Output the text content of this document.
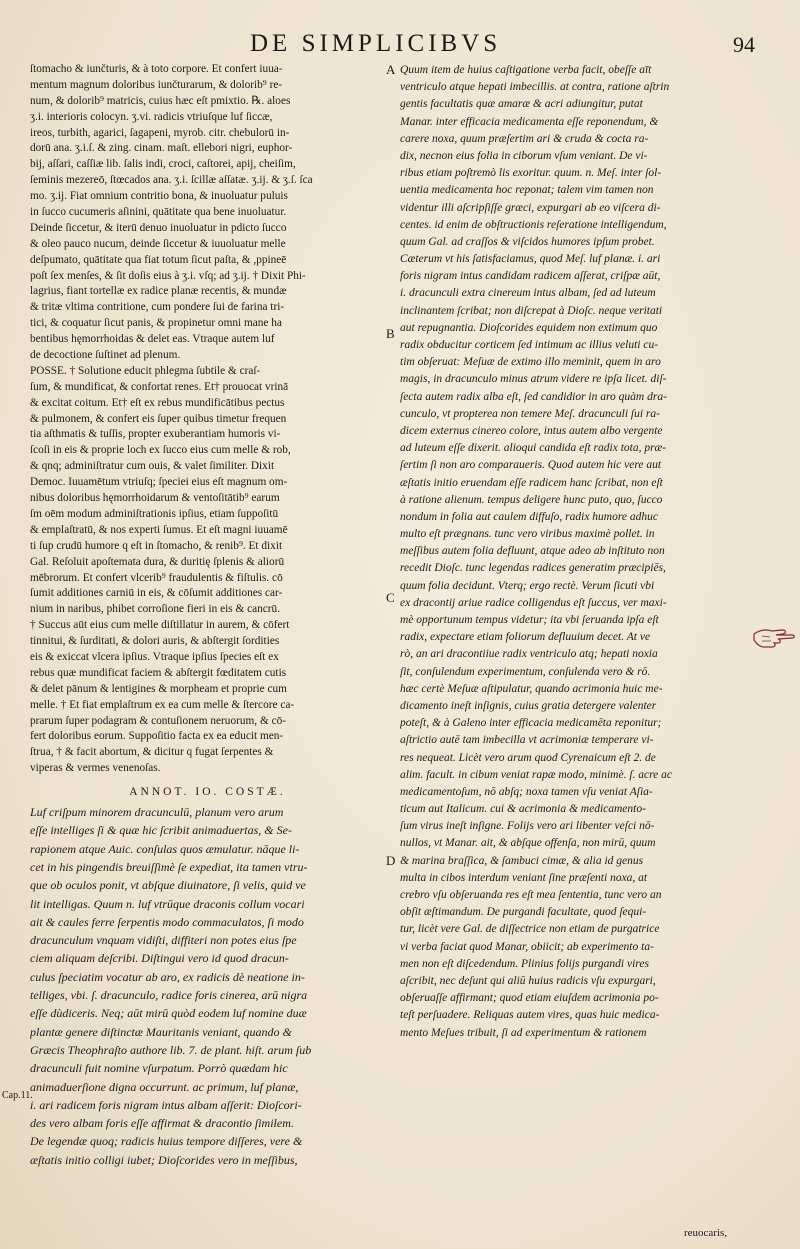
DE SIMPLICIBVS	94
ſtomacho & iunčturis, & à toto corpore. Et confert iuua-
mentum magnum doloribus iunčturarum, & dolorib⁹ re-
num, & dolorib⁹ matricis, cuius hæc eſt pmixtio. ℞. aloes
ʒ.i. interioris colocyn. ʒ.vi. radicis vtriuſque luf ſiccæ,
ireos, turbith, agarici, ſagapeni, myrob. citr. chebulorū in-
dorū ana. ʒ.i.ſ. & zing. cinam. maſt. ellebori nigri, euphor-
bij, aſſari, caſſiæ lib. ſalis indi, croci, caſtorei, apij, cheiſim,
ſeminis mezereō, ſtœcados ana. ʒ.i. ſcillæ aſſatæ. ʒ.ij. & ʒ.ſ. ſca
mo. ʒ.ij. Fiat omnium contritio bona, & inuoluatur puluis
in ſucco cucumeris aſinini, quātitate qua bene inuoluatur.
Deinde ſiccetur, & iterū denuo inuoluatur in pdicto ſucco
& oleo pauco nucum, deinde ſiccetur & iuuoluatur melle
deſpumato, quātitate qua fiat totum ſicut paſta, & ,ppineē
poſt ſex menſes, & ſit doſis eius à ʒ.i. vſq; ad ʒ.ij. † Dixit Phi-
lagrius, fiant tortellæ ex radice planæ recentis, & mundæ
& tritæ vltima contritione, cum pondere ſui de farina tri-
tici, & coquatur ſicut panis, & propinetur omni mane ha
bentibus hęmorrhoidas & delet eas. Vtraque autem luf
de decoctione ſuſtinet ad plenum.
POSSE. † Solutione educit phlegma ſubtile & craſ-
ſum, & mundificat, & confortat renes. Et† prouocat vrinā
& excitat coitum. Et† eſt ex rebus mundificātibus pectus
& pulmonem, & confert eis ſuper quibus timetur frequen
tia aſthmatis & tuſſis, propter exuberantiam humoris vi-
ſcoſi in eis & proprie loch ex ſucco eius cum melle & rob,
& qnq; adminiſtratur cum ouis, & valet ſimiliter. Dixit
Democ. Iuuamētum vtriuſq; ſpeciei eius eſt magnum om-
nibus doloribus hęmorrhoidarum & ventoſitātib⁹ earum
ſm oēm modum adminiſtrationis ipſius, etiam ſuppoſitū
& emplaſtratū, & nos experti ſumus. Et eſt magni iuuamē
ti ſup crudū humore q eſt in ſtomacho, & renib⁹. Et dixit
Gal. Reſoluit apoſtemata dura, & duritię ſplenis & aliorū
mēbrorum. Et confert vlcerib⁹ fraudulentis & fiſtulis. cō
ſumit additiones carniū in eis, & cōſumit additiones car-
nium in naribus, phibet corroſione fieri in eis & cancrū.
† Succus aūt eius cum melle diſtillatur in aurem, & cōfert
tinnitui, & ſurditati, & dolori auris, & abſtergit ſordities
eis & exiccat vlcera ipſius. Vtraque ipſius ſpecies eſt ex
rebus quæ mundificat faciem & abſtergit fœditatem cutis
& delet pānum & lentigines & morpheam et proprie cum
melle. † Et fiat emplaſtrum ex ea cum melle & ſtercore ca-
prarum ſuper podagram & contuſionem neruorum, & cō-
fert doloribus eorum. Suppoſitio facta ex ea educit men-
ſtrua, † & facit abortum, & dicitur q fugat ſerpentes &
viperas & vermes venenoſas.
ANNOT. IO. COSTÆ.
Luf criſpum minorem dracunculū, planum vero arum
eſſe intelliges ſi & quæ hic ſcribit animaduertas, & Se-
rapionem atque Auic. conſulas quos æmulatur. nāque li-
cet in his pingendis breuiſſimè ſe expediat, ita tamen vtru-
que ob oculos ponit, vt abſque diuinatore, ſi velis, quid ve
lit intelligas. Quum n. luf vtrūque draconis collum vocari
ait & caules ferre ſerpentis modo commaculatos, ſi modo
dracunculum vnquam vidiſti, diffiteri non potes eius ſpe
ciem aliquam deſcribi. Diſtingui vero id quod dracun-
culus ſpeciatim vocatur ab aro, ex radicis dè neatione in-
telliges, vbi. ſ. dracunculo, radice foris cinerea, arū nigra
eſſe dùdiceris. Neq; aūt mirū quòd eodem luf nomine duæ
plantæ genere diſtinctæ Mauritanis veniant, quando &
Græcis Theophraſto authore lib. 7. de plant. hiſt. arum ſub
dracunculi fuit nomine vſurpatum. Porrò quædam hic
animaduerſione digna occurrunt. ac primum, luf planæ,
i. ari radicem foris nigram intus albam aſſerit: Dioſcori-
des vero albam foris eſſe affirmat & dracontio ſimilem.
De legendæ quoq; radicis huius tempore diſſeres, vere &
æſtatis initio colligi iubet; Dioſcorides vero in meſſibus,
A
B
C
D
Cap.11.
Quum item de huius caſtigatione verba facit, obeſſe aīt
ventriculo atque hepati imbecillis. at contra, ratione aſtrin
gentis facultatis quæ amaræ & acri adiungitur, putat
Manar. inter efficacia medicamenta eſſe reponendum, &
carere noxa, quum præſertim ari & cruda & cocta ra-
dix, necnon eius folia in ciborum vſum veniant. De vi-
ribus etiam poſtremò lis exoritur. quum. n. Meſ. inter ſol-
uentia medicamenta hoc reponat; talem vim tamen non
videntur illi aſcripſiſſe græci, expurgari ab eo viſcera di-
centes. id enim de obſtructionis reſeratione intelligendum,
quum Gal. ad craſſos & viſcidos humores ipſum probet.
Cæterum vt his ſatisfaciamus, quod Meſ. luf planæ. i. ari
foris nigram intus candidam radicem aſſerat, criſpæ aūt,
i. dracunculi extra cinereum intus albam, ſed ad luteum
inclinantem ſcribat; non diſcrepat à Dioſc. neque veritati
aut repugnantia. Dioſcorides equidem non extimum quo
radix obducitur corticem ſed intimum ac illius veluti cu-
tim obſeruat: Meſuæ de extimo illo meminit, quem in aro
magis, in dracunculo minus atrum videre re ipſa licet. diſ-
ſecta autem radix alba eſt, ſed candidior in aro quàm dra-
cunculo, vt propterea non temere Meſ. dracunculi ſui ra-
dicem externus cinereo colore, intus autem albo vergente
ad luteum eſſe dixerit. alioqui candida eſt radix tota, præ-
ſertim ſi non aro comparaueris. Quod autem hic vere aut
æſtatis initio eruendam eſſe radicem hanc ſcribat, non eſt
à ratione alienum. tempus deligere hunc puto, quo, ſucco
nondum in folia aut caulem diffuſo, radix humore adhuc
multo eſt prægnans. tunc vero viribus maximè pollet. in
meſſibus autem folia defluunt, atque adeo ab inſtituto non
recedit Dioſc. tunc legendas radices generatim præcipiēs,
quum folia decidunt. Vterq; ergo rectè. Verum ſicuti vbi
ex dracontij ariue radice colligendus eſt ſuccus, ver maxi-
mè opportunum tempus videtur; ita vbi ſeruanda ipſa eſt
radix, expectare etiam foliorum defluuium decet. At ve
rò, an ari dracontiiue radix ventriculo atq; hepati noxia
ſit, conſulendum experimentum, conſulenda vero & rō.
hæc certè Meſuæ aſtipulatur, quando acrimonia huic me-
dicamento ineſt inſignis, cuius gratia detergere valenter
poteſt, & à Galeno inter efficacia medicamēta reponitur;
aſtrictio autē tam imbecilla vt acrimoniæ temperare vi-
res nequeat. Licèt vero arum quod Cyrenaicum eſt 2. de
alim. facult. in cibum veniat rapæ modo, minimè. ſ. acre ac
medicamentoſum, nō abſq; noxa tamen vſu veniat Aſia-
ticum aut Italicum. cui & acrimonia & medicamento-
ſum virus ineſt inſigne. Folijs vero ari libenter veſci nō-
nullos, vt Manar. ait, & abſque offenſa, non mirū, quum
& marina braſſica, & ſambuci cimæ, & alia id genus
multa in cibos interdum veniant ſine præſenti noxa, at
crebro vſu obſeruanda res eſt mea ſententia, tunc vero an
obſit æſtimandum. De purgandi facultate, quod ſequi-
tur, licèt vere Gal. de diſſectrice non etiam de purgatrice
vi verba faciat quod Manar, obiicit; ab experimento ta-
men non eſt diſcedendum. Plinius folijs purgandi vires
aſcribit, nec deſunt qui aliū huius radicis vſu expurgari,
obſeruaſſe affirmant; quod etiam eiuſdem acrimonia po-
teſt perſuadere. Reliquas autem vires, quas huic medica-
mento Meſues tribuit, ſi ad experimentum & rationem
reuocaris,
